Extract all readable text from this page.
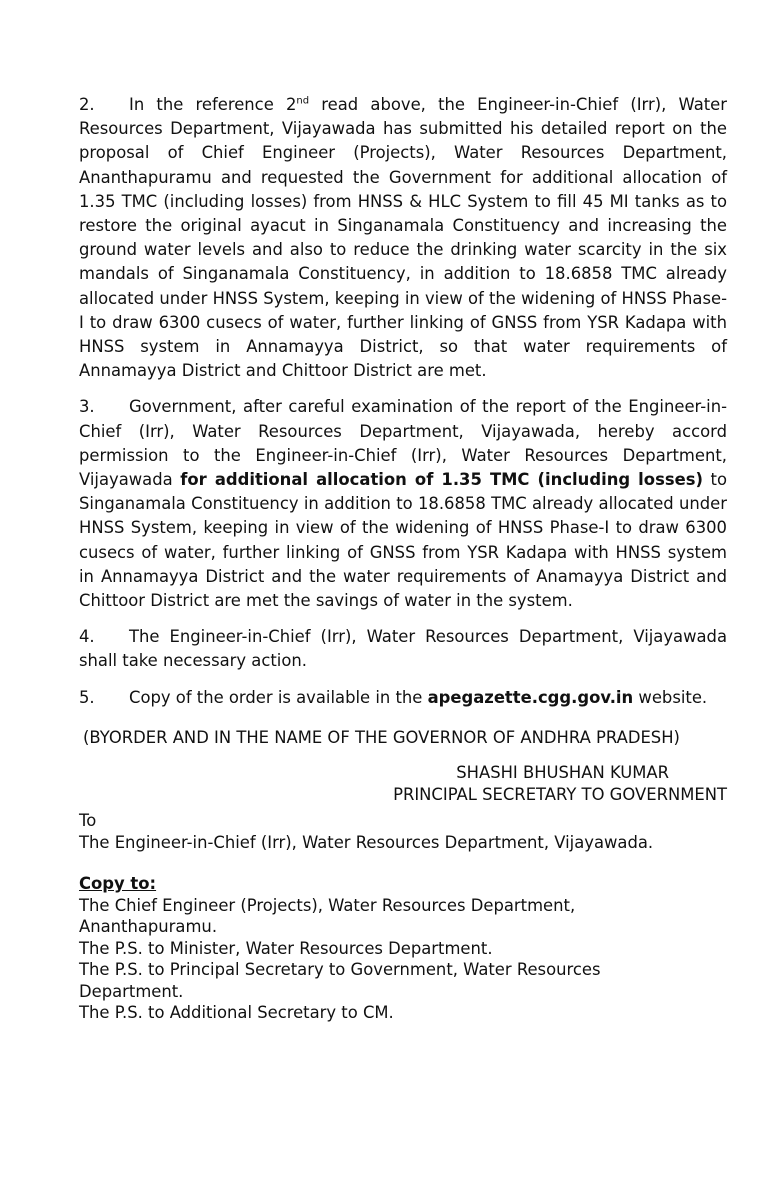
2. In the reference 2nd read above, the Engineer-in-Chief (Irr), Water Resources Department, Vijayawada has submitted his detailed report on the proposal of Chief Engineer (Projects), Water Resources Department, Ananthapuramu and requested the Government for additional allocation of 1.35 TMC (including losses) from HNSS & HLC System to fill 45 MI tanks as to restore the original ayacut in Singanamala Constituency and increasing the ground water levels and also to reduce the drinking water scarcity in the six mandals of Singanamala Constituency, in addition to 18.6858 TMC already allocated under HNSS System, keeping in view of the widening of HNSS Phase-I to draw 6300 cusecs of water, further linking of GNSS from YSR Kadapa with HNSS system in Annamayya District, so that water requirements of Annamayya District and Chittoor District are met.

3. Government, after careful examination of the report of the Engineer-in-Chief (Irr), Water Resources Department, Vijayawada, hereby accord permission to the Engineer-in-Chief (Irr), Water Resources Department, Vijayawada for additional allocation of 1.35 TMC (including losses) to Singanamala Constituency in addition to 18.6858 TMC already allocated under HNSS System, keeping in view of the widening of HNSS Phase-I to draw 6300 cusecs of water, further linking of GNSS from YSR Kadapa with HNSS system in Annamayya District and the water requirements of Anamayya District and Chittoor District are met the savings of water in the system.

4. The Engineer-in-Chief (Irr), Water Resources Department, Vijayawada shall take necessary action.

5. Copy of the order is available in the apegazette.cgg.gov.in website.

(BYORDER AND IN THE NAME OF THE GOVERNOR OF ANDHRA PRADESH)
SHASHI BHUSHAN KUMAR
PRINCIPAL SECRETARY TO GOVERNMENT
To
The Engineer-in-Chief (Irr), Water Resources Department, Vijayawada.
Copy to:
The Chief Engineer (Projects), Water Resources Department,
Ananthapuramu.
The P.S. to Minister, Water Resources Department.
The P.S. to Principal Secretary to Government, Water Resources
Department.
The P.S. to Additional Secretary to CM.
